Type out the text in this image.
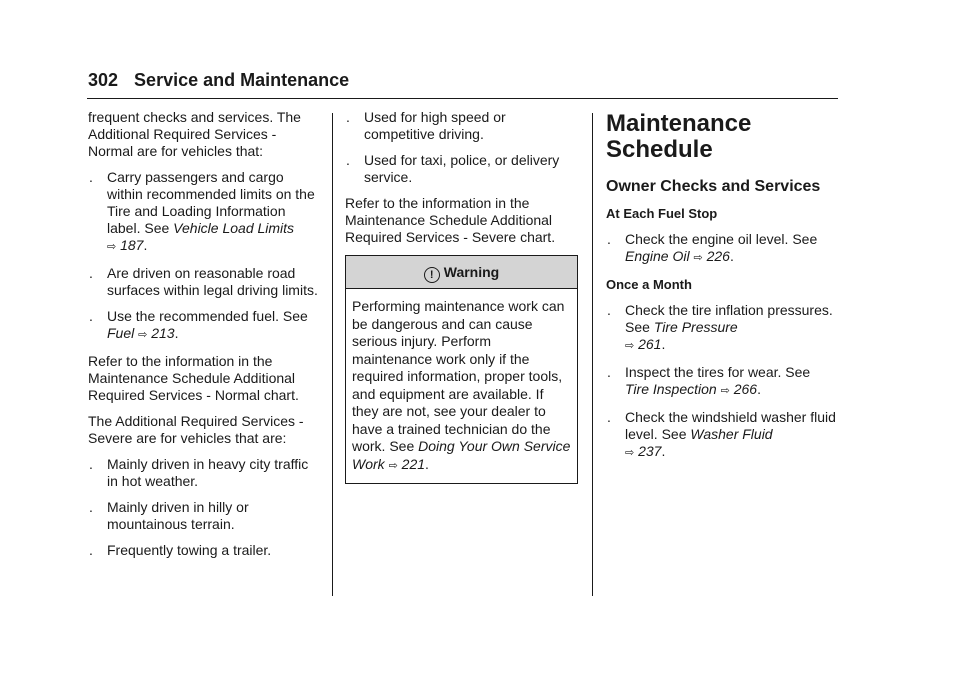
302 Service and Maintenance

frequent checks and services. The Additional Required Services - Normal are for vehicles that:

.	Carry passengers and cargo within recommended limits on the Tire and Loading Information label. See Vehicle Load Limits
⇨ 187.
.	Are driven on reasonable road surfaces within legal driving limits.
.	Use the recommended fuel. See
Fuel ⇨ 213.

Refer to the information in the Maintenance Schedule Additional Required Services - Normal chart.

The Additional Required Services - Severe are for vehicles that are:

.	Mainly driven in heavy city traffic in hot weather.
.	Mainly driven in hilly or mountainous terrain.
.	Frequently towing a trailer.
.	Used for high speed or competitive driving.
.	Used for taxi, police, or delivery service.

Refer to the information in the Maintenance Schedule Additional Required Services - Severe chart.

! Warning
Performing maintenance work can be dangerous and can cause serious injury. Perform maintenance work only if the required information, proper tools, and equipment are available. If they are not, see your dealer to have a trained technician do the work. See Doing Your Own Service Work ⇨ 221.
Maintenance Schedule
Owner Checks and Services
At Each Fuel Stop
.	Check the engine oil level. See
Engine Oil ⇨ 226.
Once a Month
.	Check the tire inflation pressures. See Tire Pressure
⇨ 261.
.	Inspect the tires for wear. See
Tire Inspection ⇨ 266.
.	Check the windshield washer fluid level. See Washer Fluid
⇨ 237.
